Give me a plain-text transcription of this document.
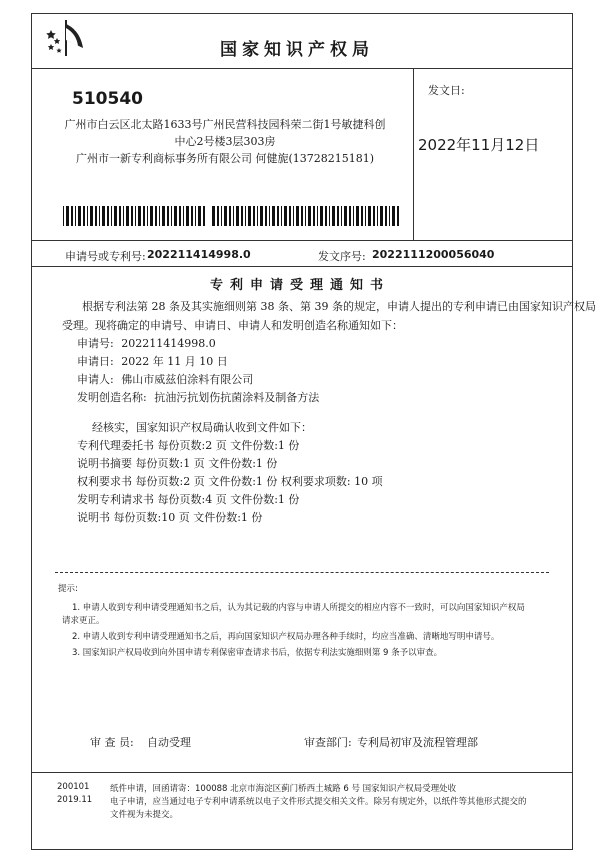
国家知识产权局
510540
广州市白云区北太路1633号广州民营科技园科荣二街1号敏捷科创
中心2号楼3层303房
广州市一新专利商标事务所有限公司 何健旎(13728215181)
发文日:
2022年11月12日
申请号或专利号: 202211414998.0	发文序号: 2022111200056040
专利申请受理通知书
根据专利法第 28 条及其实施细则第 38 条、第 39 条的规定，申请人提出的专利申请已由国家知识产权局
受理。现将确定的申请号、申请日、申请人和发明创造名称通知如下：
申请号: 202211414998.0
申请日: 2022 年 11 月 10 日
申请人: 佛山市威兹伯涂料有限公司
发明创造名称: 抗油污抗划伤抗菌涂料及制备方法
经核实，国家知识产权局确认收到文件如下：
专利代理委托书 每份页数:2 页 文件份数:1 份
说明书摘要 每份页数:1 页 文件份数:1 份
权利要求书 每份页数:2 页 文件份数:1 份 权利要求项数: 10 项
发明专利请求书 每份页数:4 页 文件份数:1 份
说明书 每份页数:10 页 文件份数:1 份
提示:
1. 申请人收到专利申请受理通知书之后，认为其记载的内容与申请人所提交的相应内容不一致时，可以向国家知识产权局
请求更正。
2. 申请人收到专利申请受理通知书之后，再向国家知识产权局办理各种手续时，均应当准确、清晰地写明申请号。
3. 国家知识产权局收到向外国申请专利保密审查请求书后，依据专利法实施细则第 9 条予以审查。
审 查 员: 自动受理	审查部门: 专利局初审及流程管理部
200101
2019.11
纸件申请，回函请寄：100088 北京市海淀区蓟门桥西土城路 6 号 国家知识产权局受理处收
电子申请，应当通过电子专利申请系统以电子文件形式提交相关文件。除另有规定外，以纸件等其他形式提交的
文件视为未提交。
